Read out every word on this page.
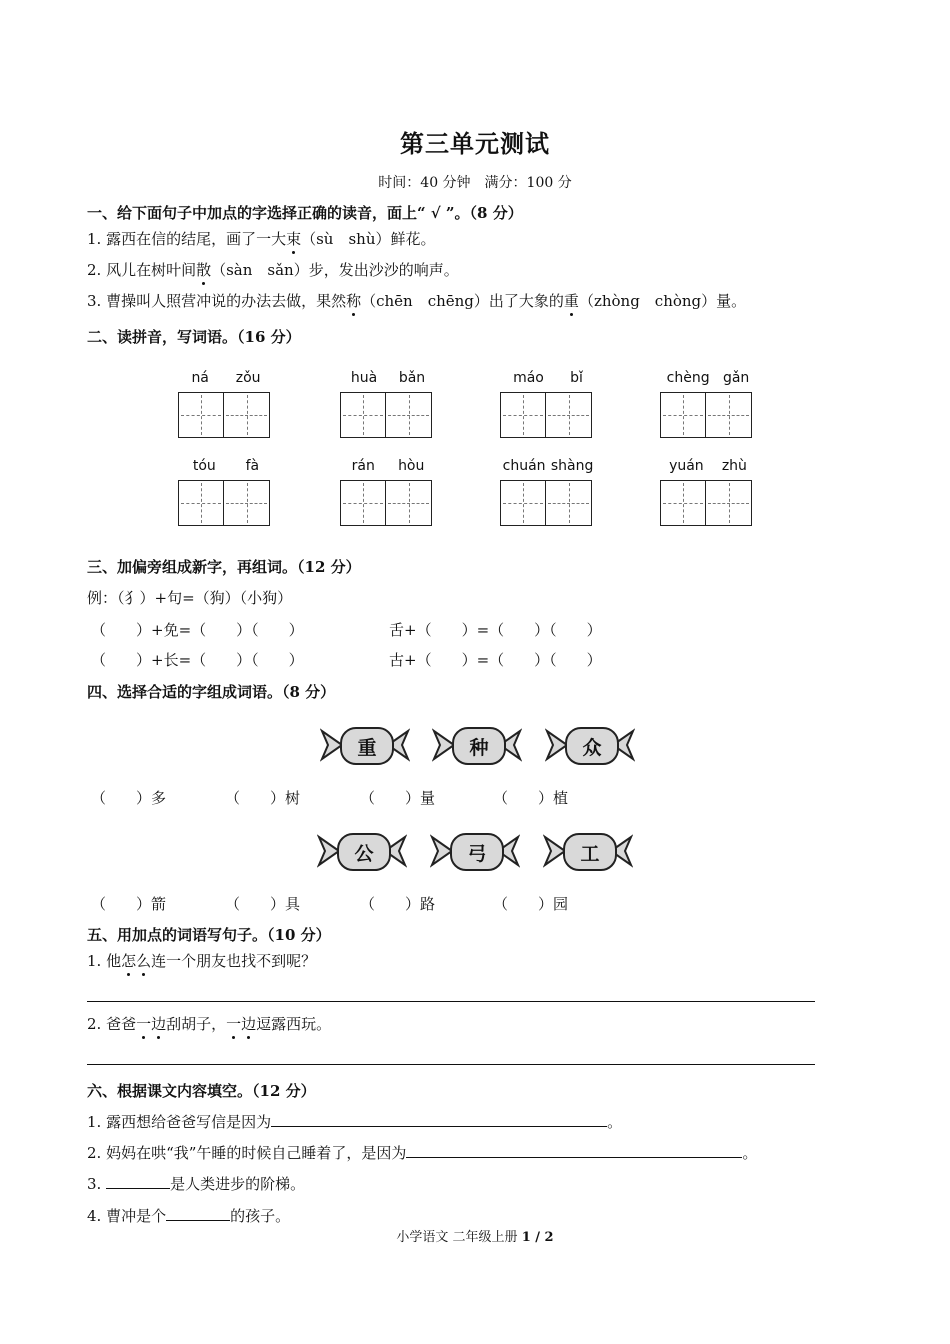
第三单元测试
时间：40 分钟　满分：100 分
一、给下面句子中加点的字选择正确的读音，面上“ √ ”。（8 分）
1. 露西在信的结尾，画了一大束（sù　shù）鲜花。
2. 风儿在树叶间散（sàn　sǎn）步，发出沙沙的响声。
3. 曹操叫人照营冲说的办法去做，果然称（chēn　chēng）出了大象的重（zhòng　chòng）量。
二、读拼音，写词语。（16 分）
ná zǒu	huà bǎn	máo bǐ	chèng gǎn
tóu fà	rán hòu	chuán shàng	yuán zhù
三、加偏旁组成新字，再组词。（12 分）
例：（犭）+句=（狗）（小狗）
（　　）+免=（　　）（　　）	舌+（　　）=（　　）（　　）
（　　）+长=（　　）（　　）	古+（　　）=（　　）（　　）
四、选择合适的字组成词语。（8 分）
重	种	众
（　　）多	（　　）树	（　　）量	（　　）植
公	弓	工
（　　）箭	（　　）具	（　　）路	（　　）园
五、用加点的词语写句子。（10 分）
1. 他怎么连一个朋友也找不到呢？
2. 爸爸一边刮胡子，一边逗露西玩。
六、根据课文内容填空。（12 分）
1. 露西想给爸爸写信是因为	。
2. 妈妈在哄“我”午睡的时候自己睡着了，是因为	。
3.	是人类进步的阶梯。
4. 曹冲是个	的孩子。
小学语文 二年级上册 1 / 2
